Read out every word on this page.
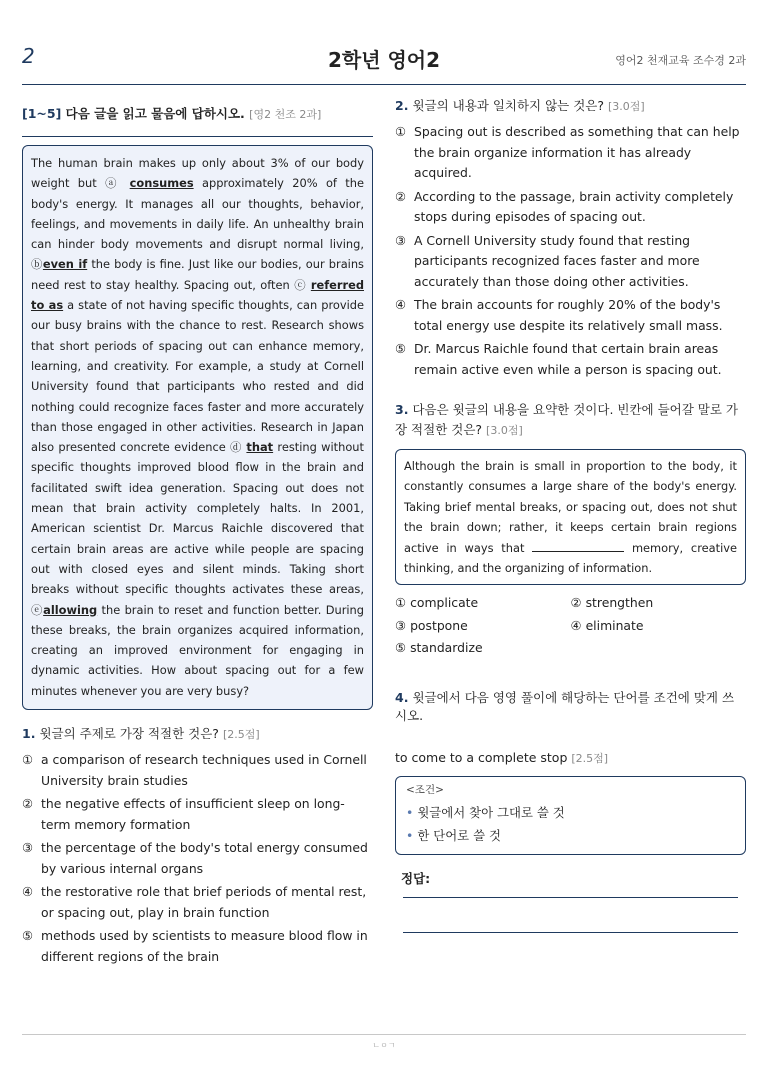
2	2학년 영어2	영어2 천재교육 조수경 2과
[1~5] 다음 글을 읽고 물음에 답하시오. [영2 천조 2과]
The human brain makes up only about 3% of our body weight but ⓐ consumes approximately 20% of the body's energy. It manages all our thoughts, behavior, feelings, and movements in daily life. An unhealthy brain can hinder body movements and disrupt normal living, ⓑeven if the body is fine. Just like our bodies, our brains need rest to stay healthy. Spacing out, often ⓒ referred to as a state of not having specific thoughts, can provide our busy brains with the chance to rest. Research shows that short periods of spacing out can enhance memory, learning, and creativity. For example, a study at Cornell University found that participants who rested and did nothing could recognize faces faster and more accurately than those engaged in other activities. Research in Japan also presented concrete evidence ⓓ that resting without specific thoughts improved blood flow in the brain and facilitated swift idea generation. Spacing out does not mean that brain activity completely halts. In 2001, American scientist Dr. Marcus Raichle discovered that certain brain areas are active while people are spacing out with closed eyes and silent minds. Taking short breaks without specific thoughts activates these areas, ⓔallowing the brain to reset and function better. During these breaks, the brain organizes acquired information, creating an improved environment for engaging in dynamic activities. How about spacing out for a few minutes whenever you are very busy?
1. 윗글의 주제로 가장 적절한 것은? [2.5점]
① a comparison of research techniques used in Cornell University brain studies
② the negative effects of insufficient sleep on long-term memory formation
③ the percentage of the body's total energy consumed by various internal organs
④ the restorative role that brief periods of mental rest, or spacing out, play in brain function
⑤ methods used by scientists to measure blood flow in different regions of the brain
2. 윗글의 내용과 일치하지 않는 것은? [3.0점]
① Spacing out is described as something that can help the brain organize information it has already acquired.
② According to the passage, brain activity completely stops during episodes of spacing out.
③ A Cornell University study found that resting participants recognized faces faster and more accurately than those doing other activities.
④ The brain accounts for roughly 20% of the body's total energy use despite its relatively small mass.
⑤ Dr. Marcus Raichle found that certain brain areas remain active even while a person is spacing out.
3. 다음은 윗글의 내용을 요약한 것이다. 빈칸에 들어갈 말로 가장 적절한 것은? [3.0점]
Although the brain is small in proportion to the body, it constantly consumes a large share of the body's energy. Taking brief mental breaks, or spacing out, does not shut the brain down; rather, it keeps certain brain regions active in ways that	memory, creative thinking, and the organizing of information.
① complicate	② strengthen
③ postpone	④ eliminate
⑤ standardize
4. 윗글에서 다음 영영 풀이에 해당하는 단어를 조건에 맞게 쓰시오.
to come to a complete stop [2.5점]
<조건>
• 윗글에서 찾아 그대로 쓸 것
• 한 단어로 쓸 것
정답:
ㄴㅇㄱ
